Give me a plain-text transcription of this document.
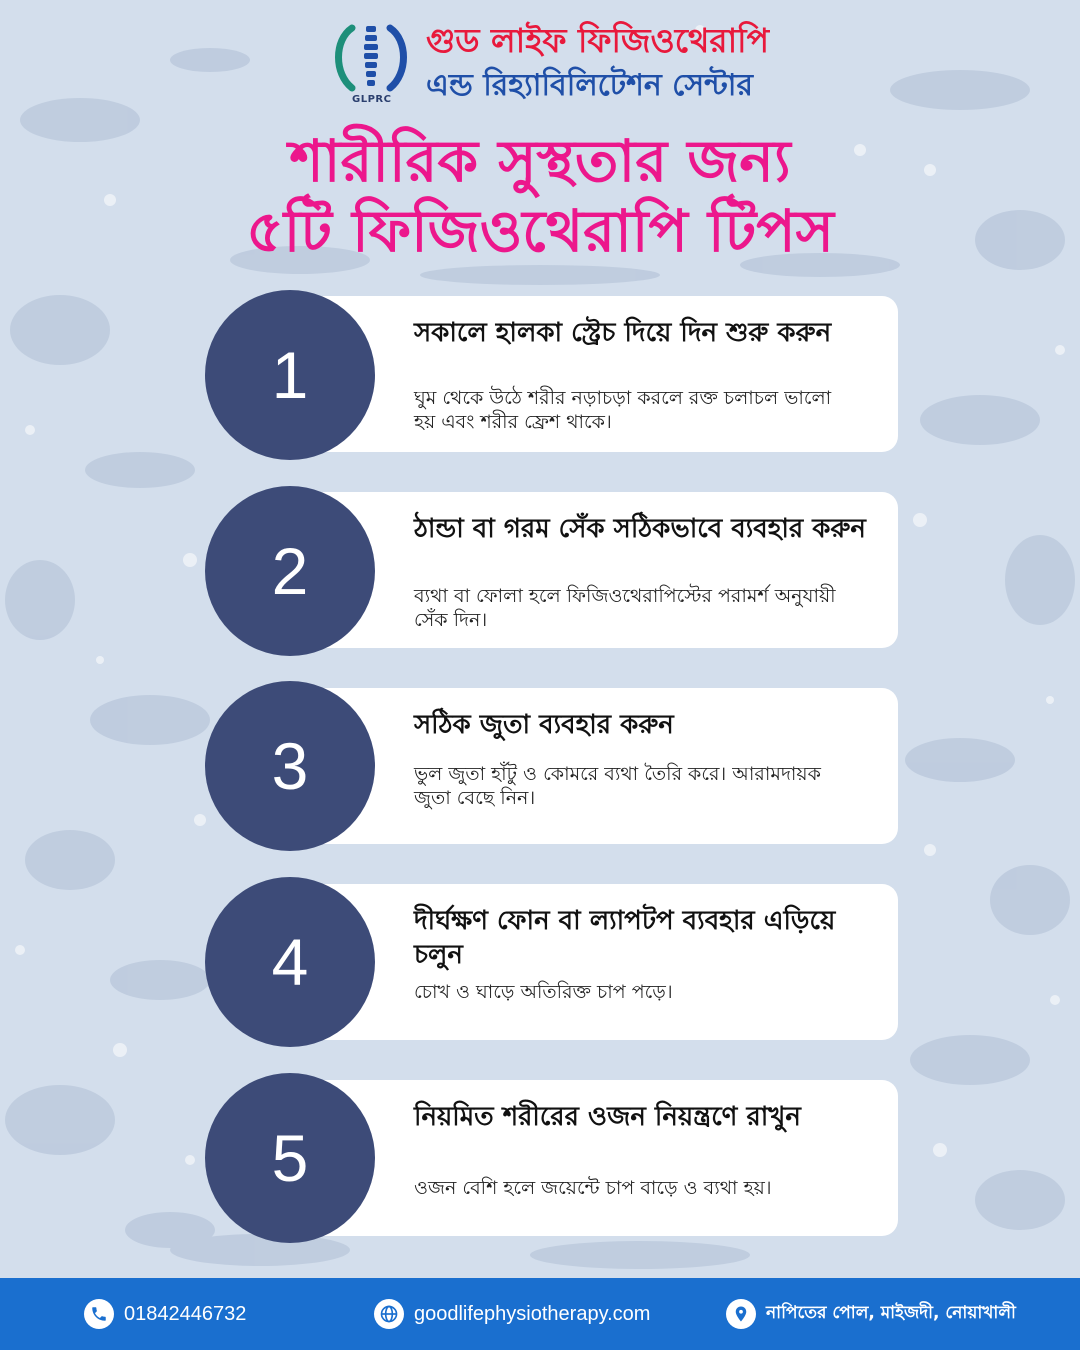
GLPRC
গুড লাইফ ফিজিওথেরাপি
এন্ড রিহ্যাবিলিটেশন সেন্টার
শারীরিক সুস্থতার জন্য
৫টি ফিজিওথেরাপি টিপস
সকালে হালকা স্ট্রেচ দিয়ে দিন শুরু করুন
ঘুম থেকে উঠে শরীর নড়াচড়া করলে রক্ত চলাচল ভালো হয় এবং শরীর ফ্রেশ থাকে।
1
ঠান্ডা বা গরম সেঁক সঠিকভাবে ব্যবহার করুন
ব্যথা বা ফোলা হলে ফিজিওথেরাপিস্টের পরামর্শ অনুযায়ী সেঁক দিন।
2
সঠিক জুতা ব্যবহার করুন
ভুল জুতা হাঁটু ও কোমরে ব্যথা তৈরি করে। আরামদায়ক জুতা বেছে নিন।
3
দীর্ঘক্ষণ ফোন বা ল্যাপটপ ব্যবহার এড়িয়ে চলুন
চোখ ও ঘাড়ে অতিরিক্ত চাপ পড়ে।
4
নিয়মিত শরীরের ওজন নিয়ন্ত্রণে রাখুন
ওজন বেশি হলে জয়েন্টে চাপ বাড়ে ও ব্যথা হয়।
5
01842446732	goodlifephysiotherapy.com	নাপিতের পোল, মাইজদী, নোয়াখালী
